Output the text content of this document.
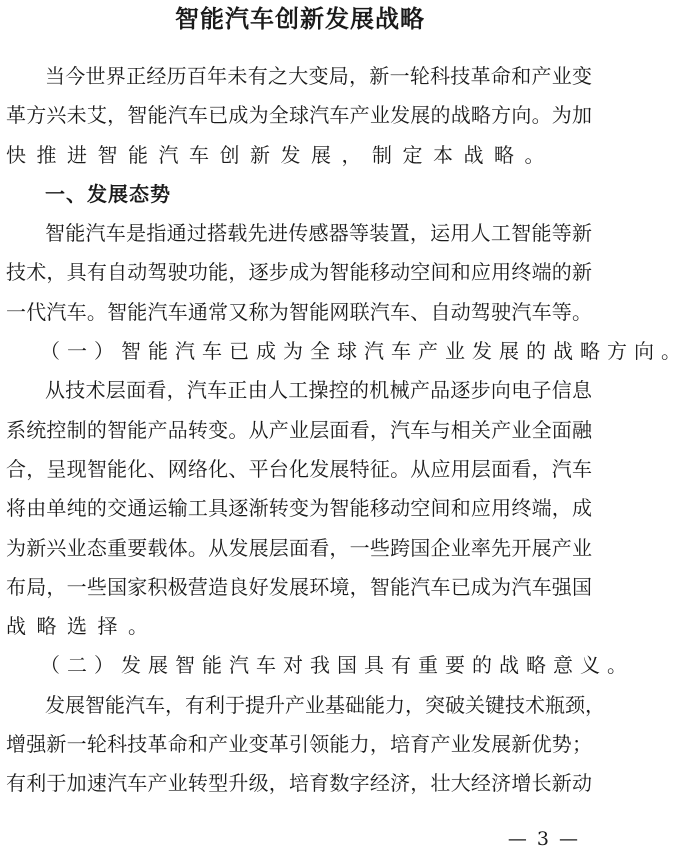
智能汽车创新发展战略
当今世界正经历百年未有之大变局，新一轮科技革命和产业变
革方兴未艾，智能汽车已成为全球汽车产业发展的战略方向。为加
快推进智能汽车创新发展，制定本战略。
一、发展态势
智能汽车是指通过搭载先进传感器等装置，运用人工智能等新
技术，具有自动驾驶功能，逐步成为智能移动空间和应用终端的新
一代汽车。智能汽车通常又称为智能网联汽车、自动驾驶汽车等。
（一）智能汽车已成为全球汽车产业发展的战略方向。
从技术层面看，汽车正由人工操控的机械产品逐步向电子信息
系统控制的智能产品转变。从产业层面看，汽车与相关产业全面融
合，呈现智能化、网络化、平台化发展特征。从应用层面看，汽车
将由单纯的交通运输工具逐渐转变为智能移动空间和应用终端，成
为新兴业态重要载体。从发展层面看，一些跨国企业率先开展产业
布局，一些国家积极营造良好发展环境，智能汽车已成为汽车强国
战略选择。
（二）发展智能汽车对我国具有重要的战略意义。
发展智能汽车，有利于提升产业基础能力，突破关键技术瓶颈，
增强新一轮科技革命和产业变革引领能力，培育产业发展新优势；
有利于加速汽车产业转型升级，培育数字经济，壮大经济增长新动
— 3 —
